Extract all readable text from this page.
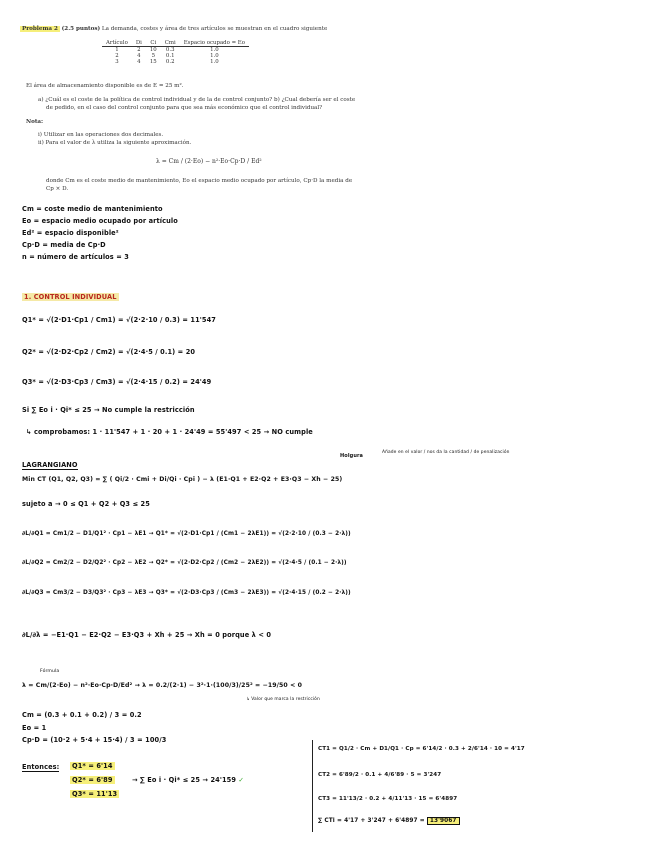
Problema 2 (2.5 puntos) La demanda, costes y área de tres artículos se muestran en el cuadro siguiente
Artículo	Di	Ci	Cmi	Espacio ocupado = Eo
1	2	10	0.3	1.0
2	4	5	0.1	1.0
3	4	15	0.2	1.0
El área de almacenamiento disponible es de E = 25 m².
a) ¿Cuál es el coste de la política de control individual y de la de control conjunto? b) ¿Cual debería ser el coste
de pedido, en el caso del control conjunto para que sea más económico que el control individual?
Nota:
i) Utilizar en las operaciones dos decimales.
ii) Para el valor de λ utiliza la siguiente aproximación.
λ = Cm / (2·Eo) − n²·Eo·Cp·D / Ed²
donde Cm es el coste medio de mantenimiento, Eo el espacio medio ocupado por artículo, Cp·D la media de
Cp × D.
Cm = coste medio de mantenimiento
Eo = espacio medio ocupado por artículo
Ed² = espacio disponible²
Cp·D = media de Cp·D
n = número de artículos = 3
1. CONTROL INDIVIDUAL
Q1* = √(2·D1·Cp1 / Cm1) = √(2·2·10 / 0.3) = 11'547
Q2* = √(2·D2·Cp2 / Cm2) = √(2·4·5 / 0.1) = 20
Q3* = √(2·D3·Cp3 / Cm3) = √(2·4·15 / 0.2) = 24'49
Si ∑ Eo i · Qi* ≤ 25 → No cumple la restricción
↳ comprobamos: 1 · 11'547 + 1 · 20 + 1 · 24'49 = 55'497 < 25 → NO cumple
Holgura
Añade en el valor / nos da la cantidad / de penalización
LAGRANGIANO
Min CT (Q1, Q2, Q3) = ∑ ( Qi/2 · Cmi + Di/Qi · Cpi ) − λ (E1·Q1 + E2·Q2 + E3·Q3 − Xh − 25)
sujeto a → 0 ≤ Q1 + Q2 + Q3 ≤ 25
∂L/∂Q1 = Cm1/2 − D1/Q1² · Cp1 − λE1 → Q1* = √(2·D1·Cp1 / (Cm1 − 2λE1)) = √(2·2·10 / (0.3 − 2·λ))
∂L/∂Q2 = Cm2/2 − D2/Q2² · Cp2 − λE2 → Q2* = √(2·D2·Cp2 / (Cm2 − 2λE2)) = √(2·4·5 / (0.1 − 2·λ))
∂L/∂Q3 = Cm3/2 − D3/Q3² · Cp3 − λE3 → Q3* = √(2·D3·Cp3 / (Cm3 − 2λE3)) = √(2·4·15 / (0.2 − 2·λ))
∂L/∂λ = −E1·Q1 − E2·Q2 − E3·Q3 + Xh + 25 → Xh = 0 porque λ < 0
Fórmula
λ = Cm/(2·Eo) − n²·Eo·Cp·D/Ed² → λ = 0.2/(2·1) − 3²·1·(100/3)/25² = −19/50 < 0
↳ Valor que marca la restricción
Cm = (0.3 + 0.1 + 0.2) / 3 = 0.2
Eo = 1
Cp·D = (10·2 + 5·4 + 15·4) / 3 = 100/3
Entonces:	Q1* = 6'14
Q2* = 6'89
Q3* = 11'13
→ ∑ Eo i · Qi* ≤ 25 → 24'159 ✓
CT1 = Q1/2 · Cm + D1/Q1 · Cp = 6'14/2 · 0.3 + 2/6'14 · 10 = 4'17
CT2 = 6'89/2 · 0.1 + 4/6'89 · 5 = 3'247
CT3 = 11'13/2 · 0.2 + 4/11'13 · 15 = 6'4897
∑ CTi = 4'17 + 3'247 + 6'4897 = 13'9067
